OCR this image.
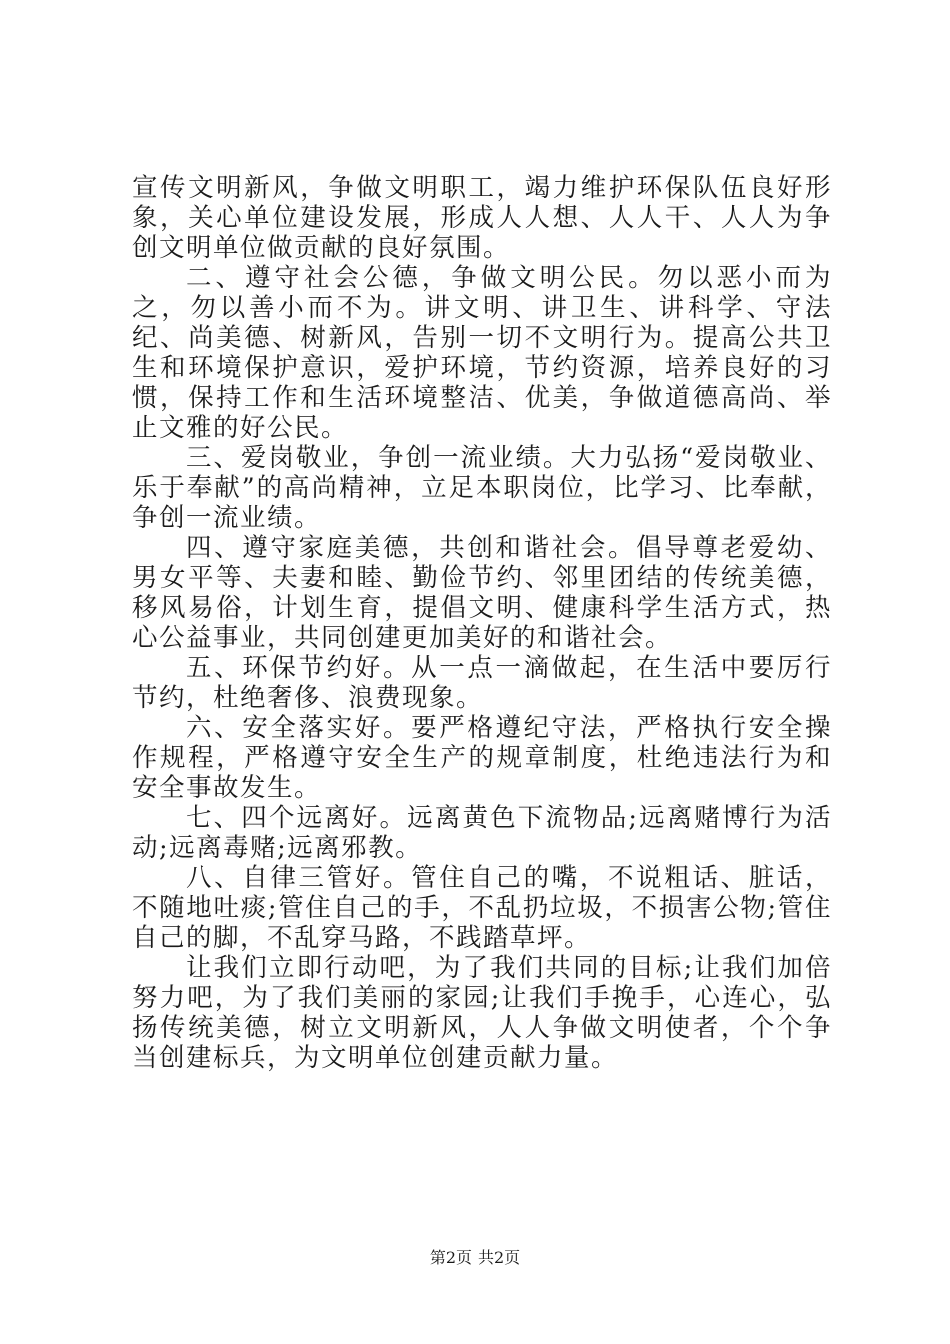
宣传文明新风，争做文明职工，竭力维护环保队伍良好形象，关心单位建设发展，形成人人想、人人干、人人为争创文明单位做贡献的良好氛围。

二、遵守社会公德，争做文明公民。勿以恶小而为之，勿以善小而不为。讲文明、讲卫生、讲科学、守法纪、尚美德、树新风，告别一切不文明行为。提高公共卫生和环境保护意识，爱护环境，节约资源，培养良好的习惯，保持工作和生活环境整洁、优美，争做道德高尚、举止文雅的好公民。

三、爱岗敬业，争创一流业绩。大力弘扬“爱岗敬业、乐于奉献”的高尚精神，立足本职岗位，比学习、比奉献，争创一流业绩。

四、遵守家庭美德，共创和谐社会。倡导尊老爱幼、男女平等、夫妻和睦、勤俭节约、邻里团结的传统美德，移风易俗，计划生育，提倡文明、健康科学生活方式，热心公益事业，共同创建更加美好的和谐社会。

五、环保节约好。从一点一滴做起，在生活中要厉行节约，杜绝奢侈、浪费现象。

六、安全落实好。要严格遵纪守法，严格执行安全操作规程，严格遵守安全生产的规章制度，杜绝违法行为和安全事故发生。

七、四个远离好。远离黄色下流物品;远离赌博行为活动;远离毒赌;远离邪教。

八、自律三管好。管住自己的嘴，不说粗话、脏话，不随地吐痰;管住自己的手，不乱扔垃圾，不损害公物;管住自己的脚，不乱穿马路，不践踏草坪。

让我们立即行动吧，为了我们共同的目标;让我们加倍努力吧，为了我们美丽的家园;让我们手挽手，心连心，弘扬传统美德，树立文明新风，人人争做文明使者，个个争当创建标兵，为文明单位创建贡献力量。

第2页 共2页
